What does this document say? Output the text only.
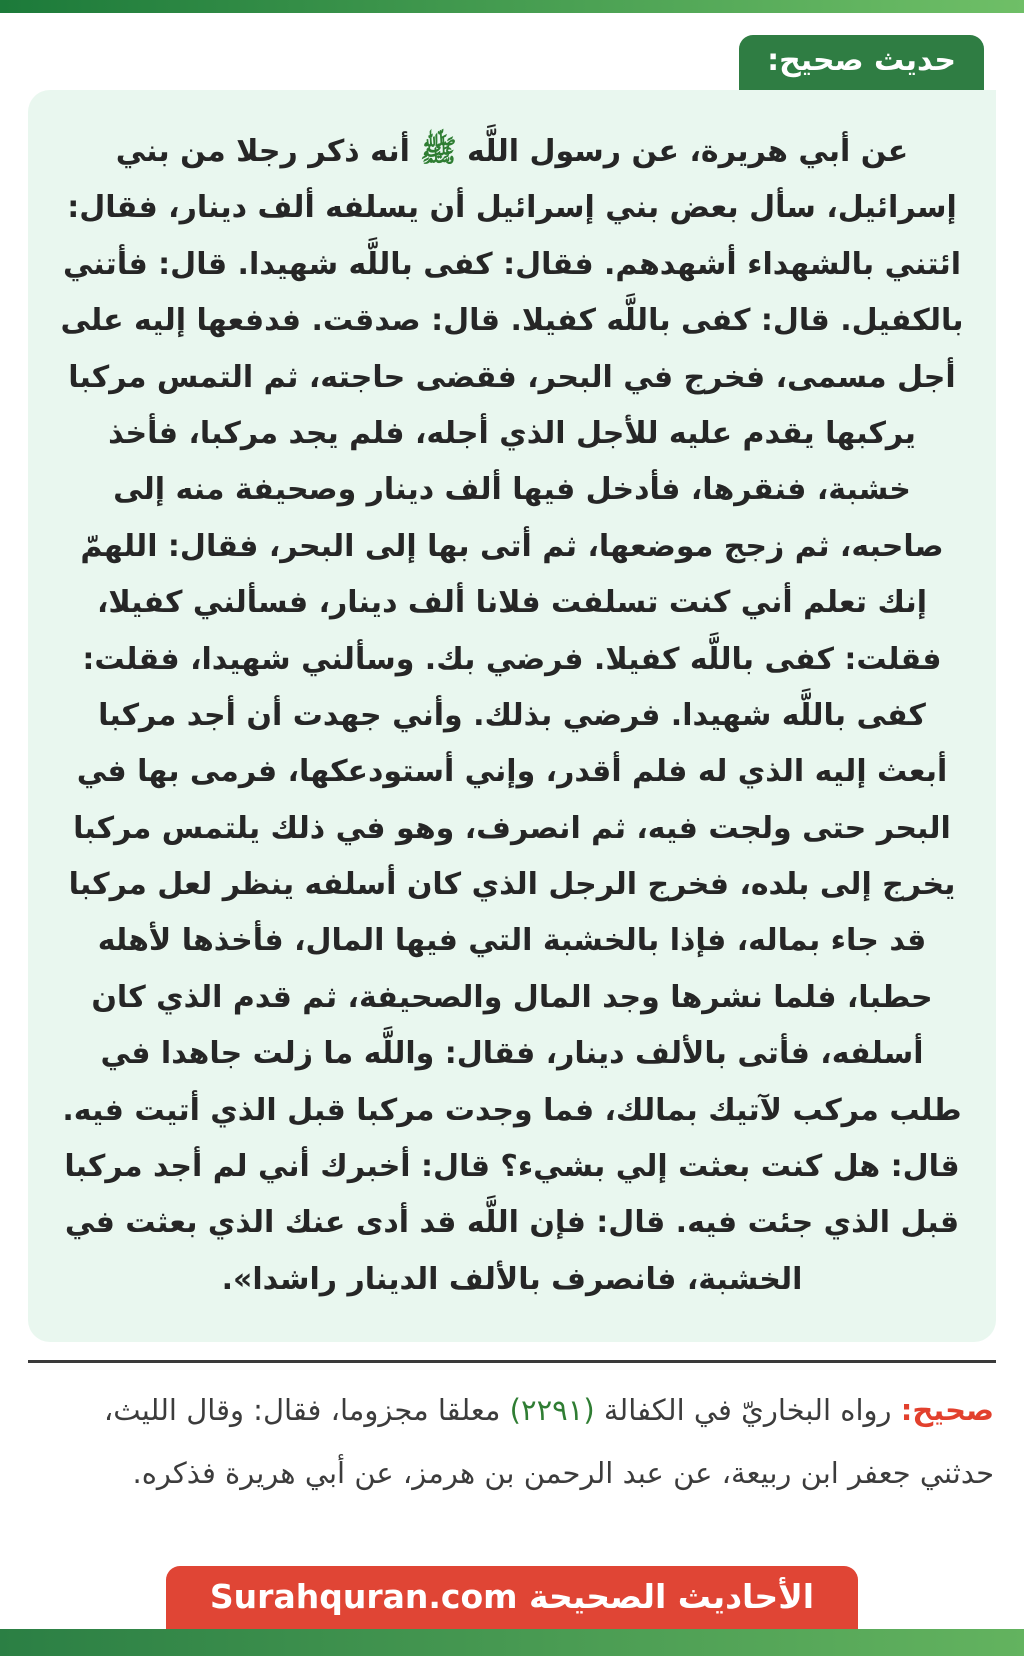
حديث صحيح:

عن أبي هريرة، عن رسول اللَّه ﷺ أنه ذكر رجلا من بني إسرائيل، سأل بعض بني إسرائيل أن يسلفه ألف دينار، فقال: ائتني بالشهداء أشهدهم. فقال: كفى باللَّه شهيدا. قال: فأتني بالكفيل. قال: كفى باللَّه كفيلا. قال: صدقت. فدفعها إليه على أجل مسمى، فخرج في البحر، فقضى حاجته، ثم التمس مركبا يركبها يقدم عليه للأجل الذي أجله، فلم يجد مركبا، فأخذ خشبة، فنقرها، فأدخل فيها ألف دينار وصحيفة منه إلى صاحبه، ثم زجج موضعها، ثم أتى بها إلى البحر، فقال: اللهمّ إنك تعلم أني كنت تسلفت فلانا ألف دينار، فسألني كفيلا، فقلت: كفى باللَّه كفيلا. فرضي بك. وسألني شهيدا، فقلت: كفى باللَّه شهيدا. فرضي بذلك. وأني جهدت أن أجد مركبا أبعث إليه الذي له فلم أقدر، وإني أستودعكها، فرمى بها في البحر حتى ولجت فيه، ثم انصرف، وهو في ذلك يلتمس مركبا يخرج إلى بلده، فخرج الرجل الذي كان أسلفه ينظر لعل مركبا قد جاء بماله، فإذا بالخشبة التي فيها المال، فأخذها لأهله حطبا، فلما نشرها وجد المال والصحيفة، ثم قدم الذي كان أسلفه، فأتى بالألف دينار، فقال: واللَّه ما زلت جاهدا في طلب مركب لآتيك بمالك، فما وجدت مركبا قبل الذي أتيت فيه. قال: هل كنت بعثت إلي بشيء؟ قال: أخبرك أني لم أجد مركبا قبل الذي جئت فيه. قال: فإن اللَّه قد أدى عنك الذي بعثت في الخشبة، فانصرف بالألف الدينار راشدا».

صحيح: رواه البخاريّ في الكفالة (٢٢٩١) معلقا مجزوما، فقال: وقال الليث، حدثني جعفر ابن ربيعة، عن عبد الرحمن بن هرمز، عن أبي هريرة فذكره.

الأحاديث الصحيحة Surahquran.com
